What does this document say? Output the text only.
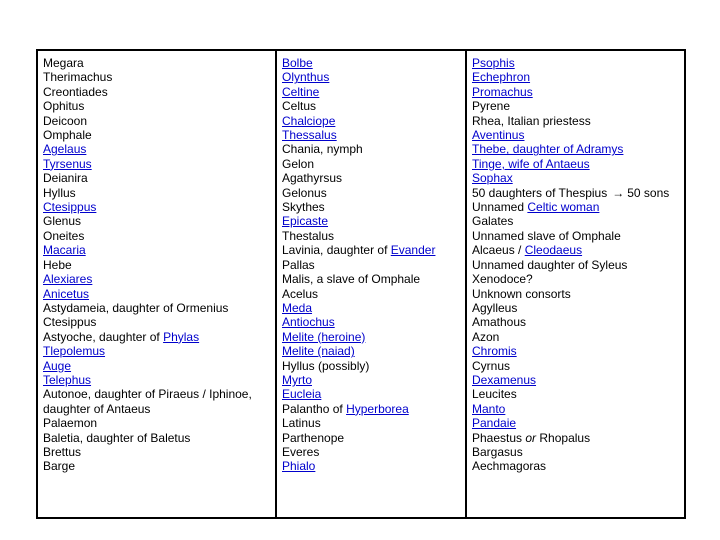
Megara
Therimachus
Creontiades
Ophitus
Deicoon
Omphale
Agelaus
Tyrsenus
Deianira
Hyllus
Ctesippus
Glenus
Oneites
Macaria
Hebe
Alexiares
Anicetus
Astydameia, daughter of Ormenius
Ctesippus
Astyoche, daughter of Phylas
Tlepolemus
Auge
Telephus
Autonoe, daughter of Piraeus / Iphinoe, daughter of Antaeus
Palaemon
Baletia, daughter of Baletus
Brettus
Barge
Bolbe
Olynthus
Celtine
Celtus
Chalciope
Thessalus
Chania, nymph
Gelon
Agathyrsus
Gelonus
Skythes
Epicaste
Thestalus
Lavinia, daughter of Evander
Pallas
Malis, a slave of Omphale
Acelus
Meda
Antiochus
Melite (heroine)
Melite (naiad)
Hyllus (possibly)
Myrto
Eucleia
Palantho of Hyperborea
Latinus
Parthenope
Everes
Phialo
Psophis
Echephron
Promachus
Pyrene
Rhea, Italian priestess
Aventinus
Thebe, daughter of Adramys
Tinge, wife of Antaeus
Sophax
50 daughters of Thespius → 50 sons
Unnamed Celtic woman
Galates
Unnamed slave of Omphale
Alcaeus / Cleodaeus
Unnamed daughter of Syleus
Xenodoce?
Unknown consorts
Agylleus
Amathous
Azon
Chromis
Cyrnus
Dexamenus
Leucites
Manto
Pandaie
Phaestus or Rhopalus
Bargasus
Aechmagoras
